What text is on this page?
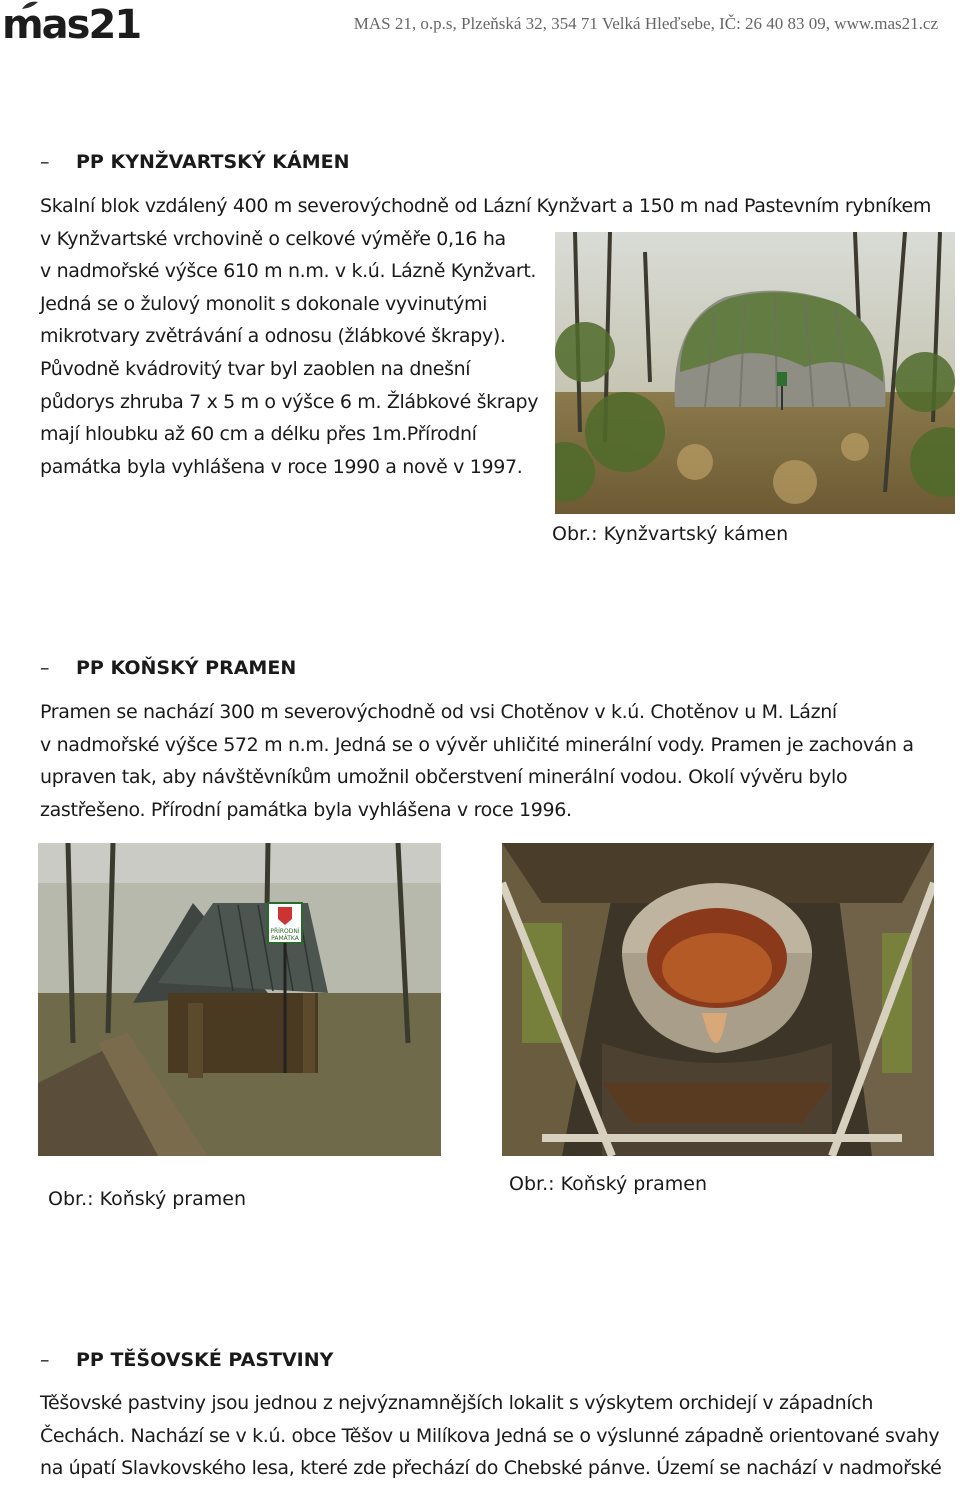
mas21	MAS 21, o.p.s, Plzeňská 32, 354 71 Velká Hleďsebe, IČ: 26 40 83 09, www.mas21.cz
– PP KYNŽVARTSKÝ KÁMEN
Skalní blok vzdálený 400 m severovýchodně od Lázní Kynžvart a 150 m nad Pastevním rybníkem
v Kynžvartské vrchovině o celkové výměře 0,16 ha
v nadmořské výšce 610 m n.m. v k.ú. Lázně Kynžvart.
Jedná se o žulový monolit s dokonale vyvinutými
mikrotvary zvětrávání a odnosu (žlábkové škrapy).
Původně kvádrovitý tvar byl zaoblen na dnešní
půdorys zhruba 7 x 5 m o výšce 6 m. Žlábkové škrapy
mají hloubku až 60 cm a délku přes 1m.Přírodní
památka byla vyhlášena v roce 1990 a nově v 1997.
Obr.: Kynžvartský kámen
– PP KOŇSKÝ PRAMEN
Pramen se nachází 300 m severovýchodně od vsi Chotěnov v k.ú. Chotěnov u M. Lázní
v nadmořské výšce 572 m n.m. Jedná se o vývěr uhličité minerální vody. Pramen je zachován a
upraven tak, aby návštěvníkům umožnil občerstvení minerální vodou. Okolí vývěru bylo
zastřešeno. Přírodní památka byla vyhlášena v roce 1996.
PŘÍRODNÍ
PAMÁTKA
Obr.: Koňský pramen
Obr.: Koňský pramen
– PP TĚŠOVSKÉ PASTVINY
Těšovské pastviny jsou jednou z nejvýznamnějších lokalit s výskytem orchidejí v západních
Čechách. Nachází se v k.ú. obce Těšov u Milíkova Jedná se o výslunné západně orientované svahy
na úpatí Slavkovského lesa, které zde přechází do Chebské pánve. Území se nachází v nadmořské
